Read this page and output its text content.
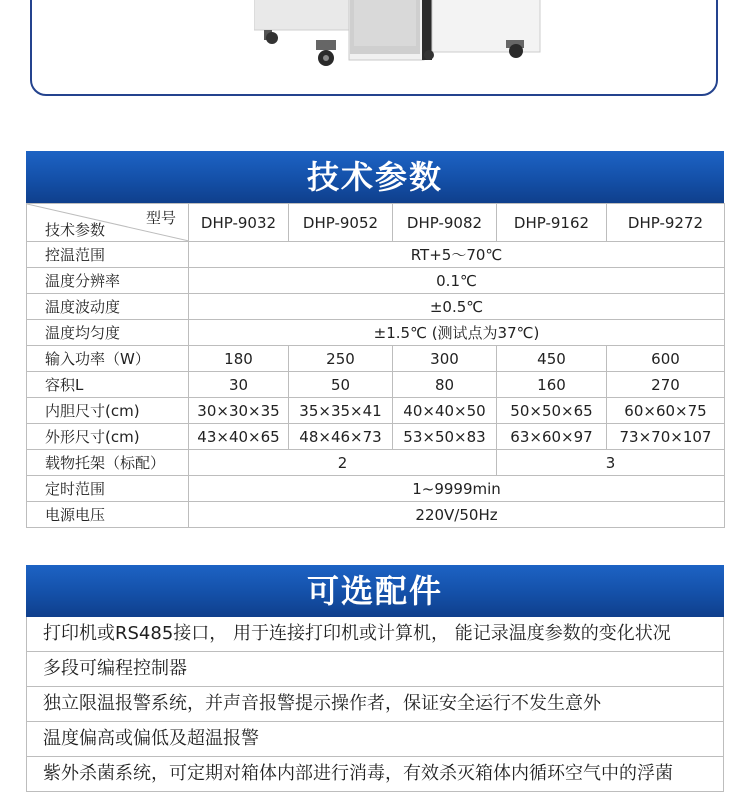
技术参数
型号
技术参数	DHP-9032	DHP-9052	DHP-9082	DHP-9162	DHP-9272
控温范围	RT+5～70℃				
温度分辨率	0.1℃				
温度波动度	±0.5℃				
温度均匀度	±1.5℃ (测试点为37℃)				
输入功率（W）	180	250	300	450	600
容积L	30	50	80	160	270
内胆尺寸(cm)	30×30×35	35×35×41	40×40×50	50×50×65	60×60×75
外形尺寸(cm)	43×40×65	48×46×73	53×50×83	63×60×97	73×70×107
载物托架（标配）	2			3	
定时范围	1~9999min				
电源电压	220V/50Hz				
可选配件
打印机或RS485接口， 用于连接打印机或计算机， 能记录温度参数的变化状况
多段可编程控制器
独立限温报警系统，并声音报警提示操作者，保证安全运行不发生意外
温度偏高或偏低及超温报警
紫外杀菌系统，可定期对箱体内部进行消毒，有效杀灭箱体内循环空气中的浮菌
